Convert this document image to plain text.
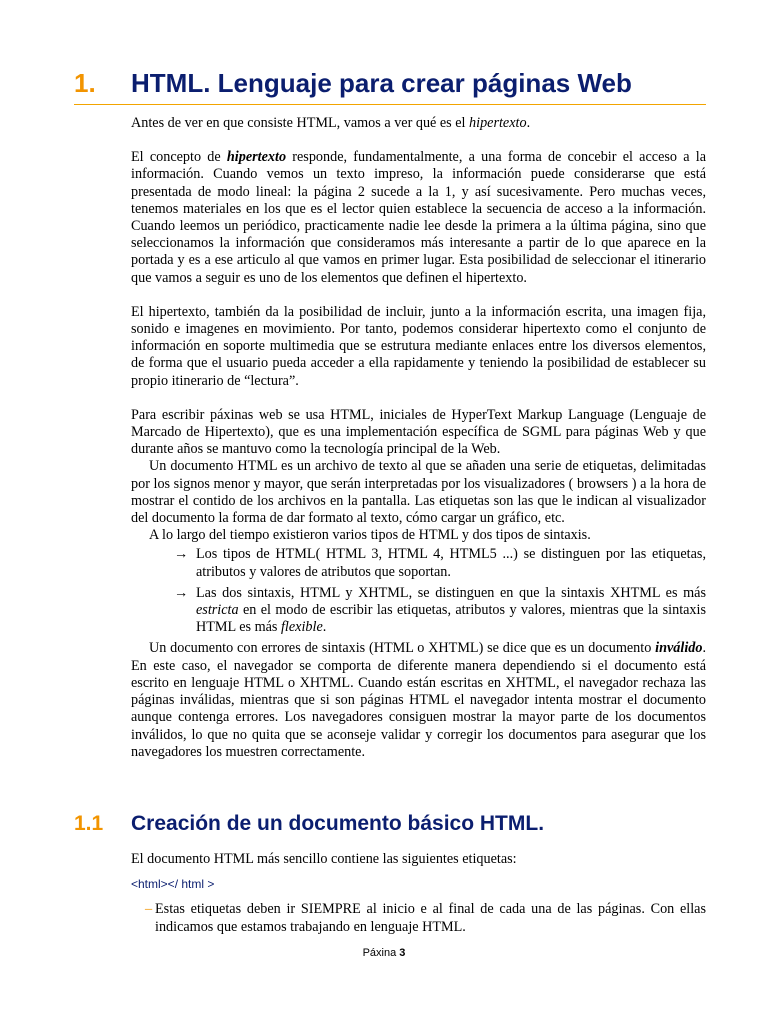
1. HTML. Lenguaje para crear páginas Web

Antes de ver en que consiste HTML, vamos a ver qué es el hipertexto.

El concepto de hipertexto responde, fundamentalmente, a una forma de concebir el acceso a la información. Cuando vemos un texto impreso, la información puede considerarse que está presentada de modo lineal: la página 2 sucede a la 1, y así sucesivamente. Pero muchas veces, tenemos materiales en los que es el lector quien establece la secuencia de acceso a la información. Cuando leemos un periódico, practicamente nadie lee desde la primera a la última página, sino que seleccionamos la información que consideramos más interesante a partir de lo que aparece en la portada y es a ese articulo al que vamos en primer lugar. Esta posibilidad de seleccionar el itinerario que vamos a seguir es uno de los elementos que definen el hipertexto.

El hipertexto, también da la posibilidad de incluir, junto a la información escrita, una imagen fija, sonido e imagenes en movimiento. Por tanto, podemos considerar hipertexto como el conjunto de información en soporte multimedia que se estrutura mediante enlaces entre los diversos elementos, de forma que el usuario pueda acceder a ella rapidamente y teniendo la posibilidad de establecer su propio itinerario de “lectura”.

Para escribir páxinas web se usa HTML, iniciales de HyperText Markup Language (Lenguaje de Marcado de Hipertexto), que es una implementación específica de SGML para páginas Web y que durante años se mantuvo como la tecnología principal de la Web.

Un documento HTML es un archivo de texto al que se añaden una serie de etiquetas, delimitadas por los signos menor y mayor, que serán interpretadas por los visualizadores ( browsers ) a la hora de mostrar el contido de los archivos en la pantalla. Las etiquetas son las que le indican al visualizador del documento la forma de dar formato al texto, cómo cargar un gráfico, etc.

A lo largo del tiempo existieron varios tipos de HTML y dos tipos de sintaxis.

→ Los tipos de HTML( HTML 3, HTML 4, HTML5 ...) se distinguen por las etiquetas, atributos y valores de atributos que soportan.
→ Las dos sintaxis, HTML y XHTML, se distinguen en que la sintaxis XHTML es más estricta en el modo de escribir las etiquetas, atributos y valores, mientras que la sintaxis HTML es más flexible.

Un documento con errores de sintaxis (HTML o XHTML) se dice que es un documento inválido. En este caso, el navegador se comporta de diferente manera dependiendo si el documento está escrito en lenguaje HTML o XHTML. Cuando están escritas en XHTML, el navegador rechaza las páginas inválidas, mientras que si son páginas HTML el navegador intenta mostrar el documento aunque contenga errores. Los navegadores consiguen mostrar la mayor parte de los documentos inválidos, lo que no quita que se aconseje validar y corregir los documentos para asegurar que los navegadores los muestren correctamente.

1.1 Creación de un documento básico HTML.

El documento HTML más sencillo contiene las siguientes etiquetas:

<html></ html >
– Estas etiquetas deben ir SIEMPRE al inicio e al final de cada una de las páginas. Con ellas indicamos que estamos trabajando en lenguaje HTML.
Páxina 3
